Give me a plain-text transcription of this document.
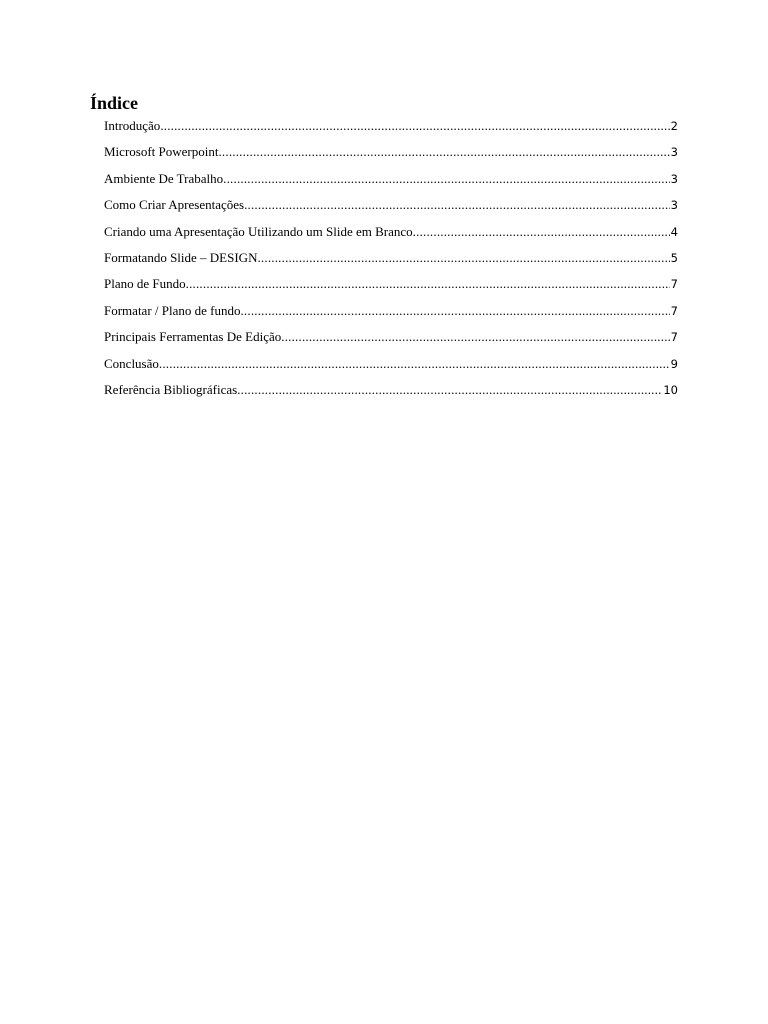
Índice
Introdução .....	2
Microsoft Powerpoint .....	3
Ambiente De Trabalho .....	3
Como Criar Apresentações .....	3
Criando uma Apresentação Utilizando um Slide em Branco .....	4
Formatando Slide – DESIGN .....	5
Plano de Fundo .....	7
Formatar / Plano de fundo .....	7
Principais Ferramentas De Edição .....	7
Conclusão .....	9
Referência Bibliográficas .....	10
